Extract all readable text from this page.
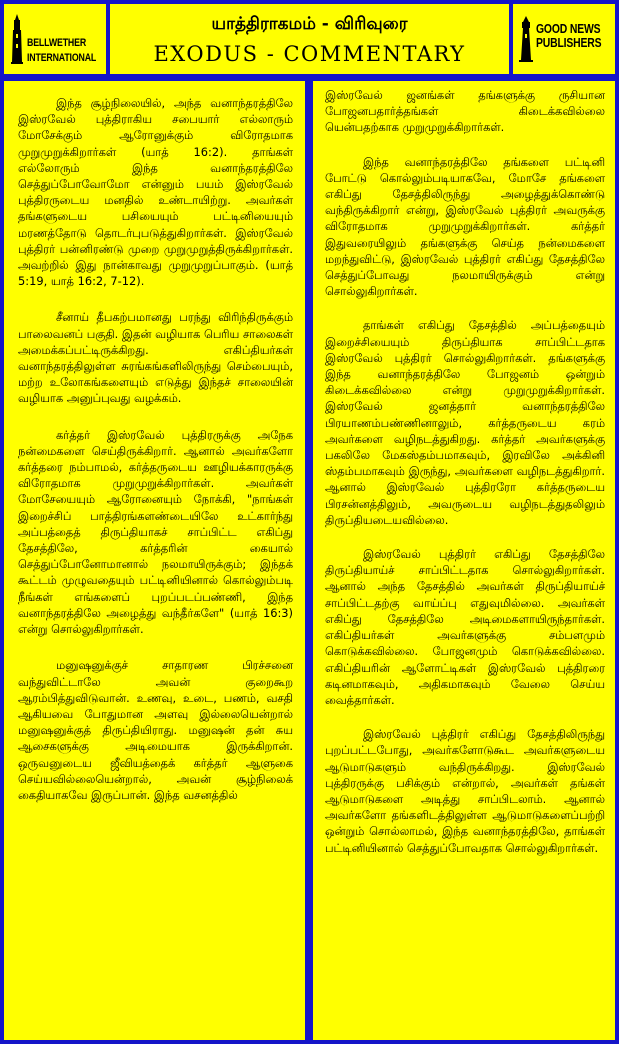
BELLWETHER
INTERNATIONAL
யாத்திராகமம் - விரிவுரை
EXODUS - COMMENTARY
GOOD NEWS
PUBLISHERS

இந்த சூழ்நிலையில், அந்த வனாந்தரத்திலே இஸ்ரவேல் புத்திராகிய சபையார் எல்லாரும் மோசேக்கும் ஆரோனுக்கும் விரோதமாக முறுமுறுக்கிறார்கள் (யாத் 16:2). தாங்கள் எல்லோரும் இந்த வனாந்தரத்திலே செத்துப்போவோமோ என்னும் பயம் இஸ்ரவேல் புத்திரருடைய மனதில் உண்டாயிற்று. அவர்கள் தங்களுடைய பசியையும் பட்டினியையும் மரணத்தோடு தொடர்புபடுத்துகிறார்கள். இஸ்ரவேல் புத்திரர் பன்னிரண்டு முறை முறுமுறுத்திருக்கிறார்கள். அவற்றில் இது நான்காவது முறுமுறுப்பாகும். (யாத் 5:19, யாத் 16:2, 7-12).

சீனாய் தீபகற்பமானது பரந்து விரிந்திருக்கும் பாலைவனப் பகுதி. இதன் வழியாக பெரிய சாலைகள் அமைக்கப்பட்டிருக்கிறது. எகிப்தியர்கள் வனாந்தரத்திலுள்ள சுரங்கங்களிலிருந்து செம்பையும், மற்ற உலோகங்களையும் எடுத்து இந்தச் சாலையின் வழியாக அனுப்புவது வழக்கம்.

கர்த்தர் இஸ்ரவேல் புத்திரருக்கு அநேக நன்மைகளை செய்திருக்கிறார். ஆனால் அவர்களோ கர்த்தரை நம்பாமல், கர்த்தருடைய ஊழியக்காரருக்கு விரோதமாக முறுமுறுக்கிறார்கள். அவர்கள் மோசேயையும் ஆரோனையும் நோக்கி, "நாங்கள் இறைச்சிப் பாத்திரங்களண்டையிலே உட்கார்ந்து அப்பத்தைத் திருப்தியாகச் சாப்பிட்ட எகிப்து தேசத்திலே, கர்த்தரின் கையால் செத்துப்போனோமானால் நலமாயிருக்கும்; இந்தக் கூட்டம் முழுவதையும் பட்டினியினால் கொல்லும்படி நீங்கள் எங்களைப் புறப்படப்பண்ணி, இந்த வனாந்தரத்திலே அழைத்து வந்தீர்களே" (யாத் 16:3) என்று சொல்லுகிறார்கள்.

மனுஷனுக்குச் சாதாரண பிரச்சனை வந்துவிட்டாலே அவன் குறைகூற ஆரம்பித்துவிடுவான். உணவு, உடை, பணம், வசதி ஆகியவை போதுமான அளவு இல்லையென்றால் மனுஷனுக்குத் திருப்தியிராது. மனுஷன் தன் சுய ஆசைகளுக்கு அடிமையாக இருக்கிறான். ஒருவனுடைய ஜீவியத்தைக் கர்த்தர் ஆளுகை செய்யவில்லையென்றால், அவன் சூழ்நிலைக் கைதியாகவே இருப்பான். இந்த வசனத்தில்

இஸ்ரவேல் ஜனங்கள் தங்களுக்கு ருசியான போஜனபதார்த்தங்கள் கிடைக்கவில்லை யென்பதற்காக முறுமுறுக்கிறார்கள்.

இந்த வனாந்தரத்திலே தங்களை பட்டினி போட்டு கொல்லும்படியாகவே, மோசே தங்களை எகிப்து தேசத்திலிருந்து அழைத்துக்கொண்டு வந்திருக்கிறார் என்று, இஸ்ரவேல் புத்திரர் அவருக்கு விரோதமாக முறுமுறுக்கிறார்கள். கர்த்தர் இதுவரையிலும் தங்களுக்கு செய்த நன்மைகளை மறந்துவிட்டு, இஸ்ரவேல் புத்திரர் எகிப்து தேசத்திலே செத்துப்போவது நலமாயிருக்கும் என்று சொல்லுகிறார்கள்.

தாங்கள் எகிப்து தேசத்தில் அப்பத்தையும் இறைச்சியையும் திருப்தியாக சாப்பிட்டதாக இஸ்ரவேல் புத்திரர் சொல்லுகிறார்கள். தங்களுக்கு இந்த வனாந்தரத்திலே போஜனம் ஒன்றும் கிடைக்கவில்லை என்று முறுமுறுக்கிறார்கள். இஸ்ரவேல் ஜனத்தார் வனாந்தரத்திலே பிரயாணம்பண்ணினாலும், கர்த்தருடைய கரம் அவர்களை வழிநடத்துகிறது. கர்த்தர் அவர்களுக்கு பகலிலே மேகஸ்தம்பமாகவும், இரவிலே அக்கினி ஸ்தம்பமாகவும் இருந்து, அவர்களை வழிநடத்துகிறார். ஆனால் இஸ்ரவேல் புத்திரரோ கர்த்தருடைய பிரசன்னத்திலும், அவருடைய வழிநடத்துதலிலும் திருப்தியடையவில்லை.

இஸ்ரவேல் புத்திரர் எகிப்து தேசத்திலே திருப்தியாய்ச் சாப்பிட்டதாக சொல்லுகிறார்கள். ஆனால் அந்த தேசத்தில் அவர்கள் திருப்தியாய்ச் சாப்பிட்டதற்கு வாய்ப்பு எதுவுமில்லை. அவர்கள் எகிப்து தேசத்திலே அடிமைகளாயிருந்தார்கள். எகிப்தியர்கள் அவர்களுக்கு சம்பளமும் கொடுக்கவில்லை. போஜனமும் கொடுக்கவில்லை. எகிப்தியரின் ஆளோட்டிகள் இஸ்ரவேல் புத்திரரை கடினமாகவும், அதிகமாகவும் வேலை செய்ய வைத்தார்கள்.

இஸ்ரவேல் புத்திரர் எகிப்து தேசத்திலிருந்து புறப்பட்டபோது, அவர்களோடுகூட அவர்களுடைய ஆடுமாடுகளும் வந்திருக்கிறது. இஸ்ரவேல் புத்திரருக்கு பசிக்கும் என்றால், அவர்கள் தங்கள் ஆடுமாடுகளை அடித்து சாப்பிடலாம். ஆனால் அவர்களோ தங்களிடத்திலுள்ள ஆடுமாடுகளைப்பற்றி ஒன்றும் சொல்லாமல், இந்த வனாந்தரத்திலே, தாங்கள் பட்டினியினால் செத்துப்போவதாக சொல்லுகிறார்கள்.
